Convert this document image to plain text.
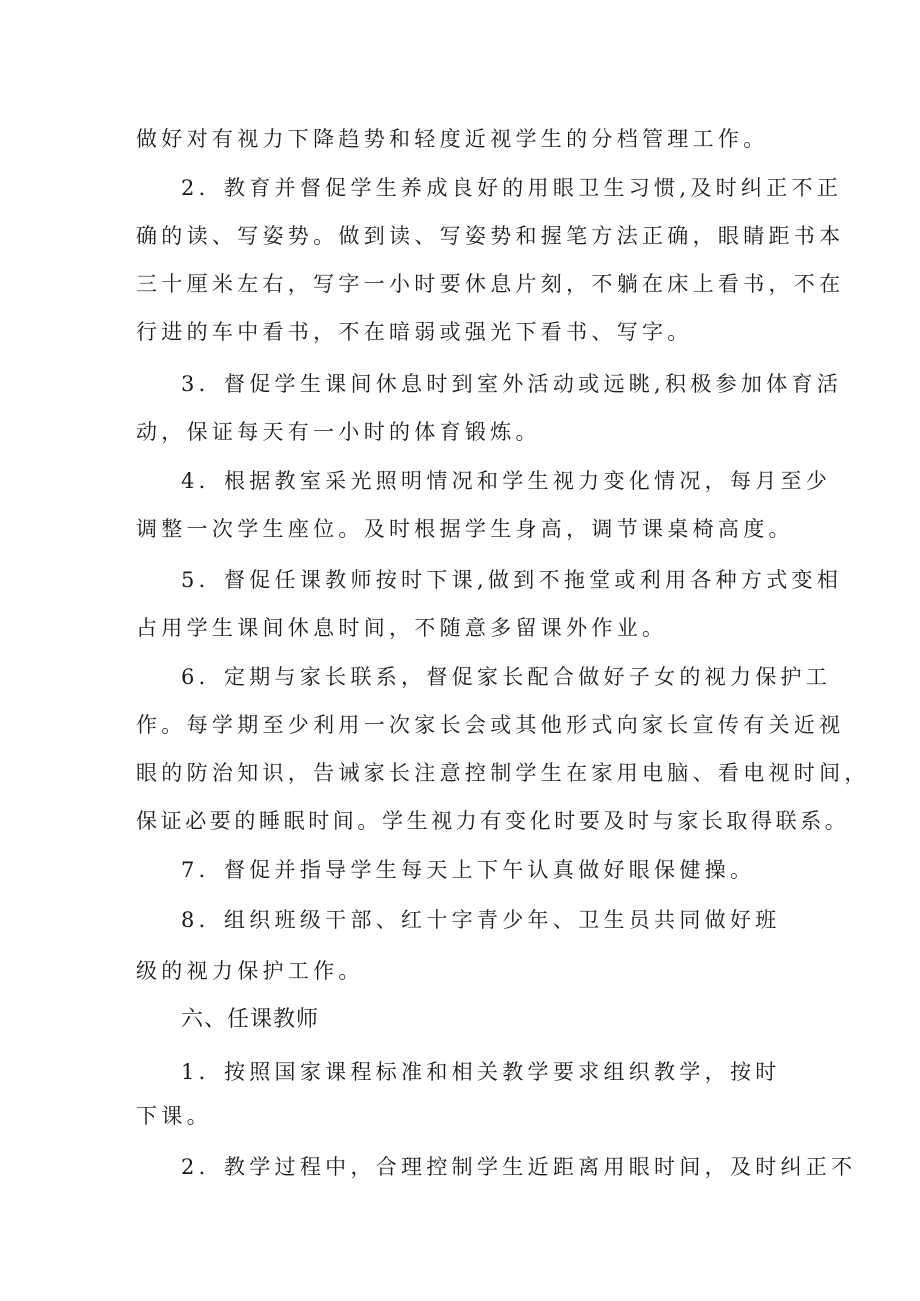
做好对有视力下降趋势和轻度近视学生的分档管理工作。

2．教育并督促学生养成良好的用眼卫生习惯,及时纠正不正

确的读、写姿势。做到读、写姿势和握笔方法正确，眼睛距书本

三十厘米左右，写字一小时要休息片刻，不躺在床上看书，不在

行进的车中看书，不在暗弱或强光下看书、写字。

3．督促学生课间休息时到室外活动或远眺,积极参加体育活

动，保证每天有一小时的体育锻炼。

4．根据教室采光照明情况和学生视力变化情况，每月至少

调整一次学生座位。及时根据学生身高，调节课桌椅高度。

5．督促任课教师按时下课,做到不拖堂或利用各种方式变相

占用学生课间休息时间，不随意多留课外作业。

6．定期与家长联系，督促家长配合做好子女的视力保护工

作。每学期至少利用一次家长会或其他形式向家长宣传有关近视

眼的防治知识，告诫家长注意控制学生在家用电脑、看电视时间，

保证必要的睡眠时间。学生视力有变化时要及时与家长取得联系。

7．督促并指导学生每天上下午认真做好眼保健操。

8．组织班级干部、红十字青少年、卫生员共同做好班

级的视力保护工作。

六、任课教师

1．按照国家课程标准和相关教学要求组织教学，按时

下课。

2．教学过程中，合理控制学生近距离用眼时间，及时纠正不
